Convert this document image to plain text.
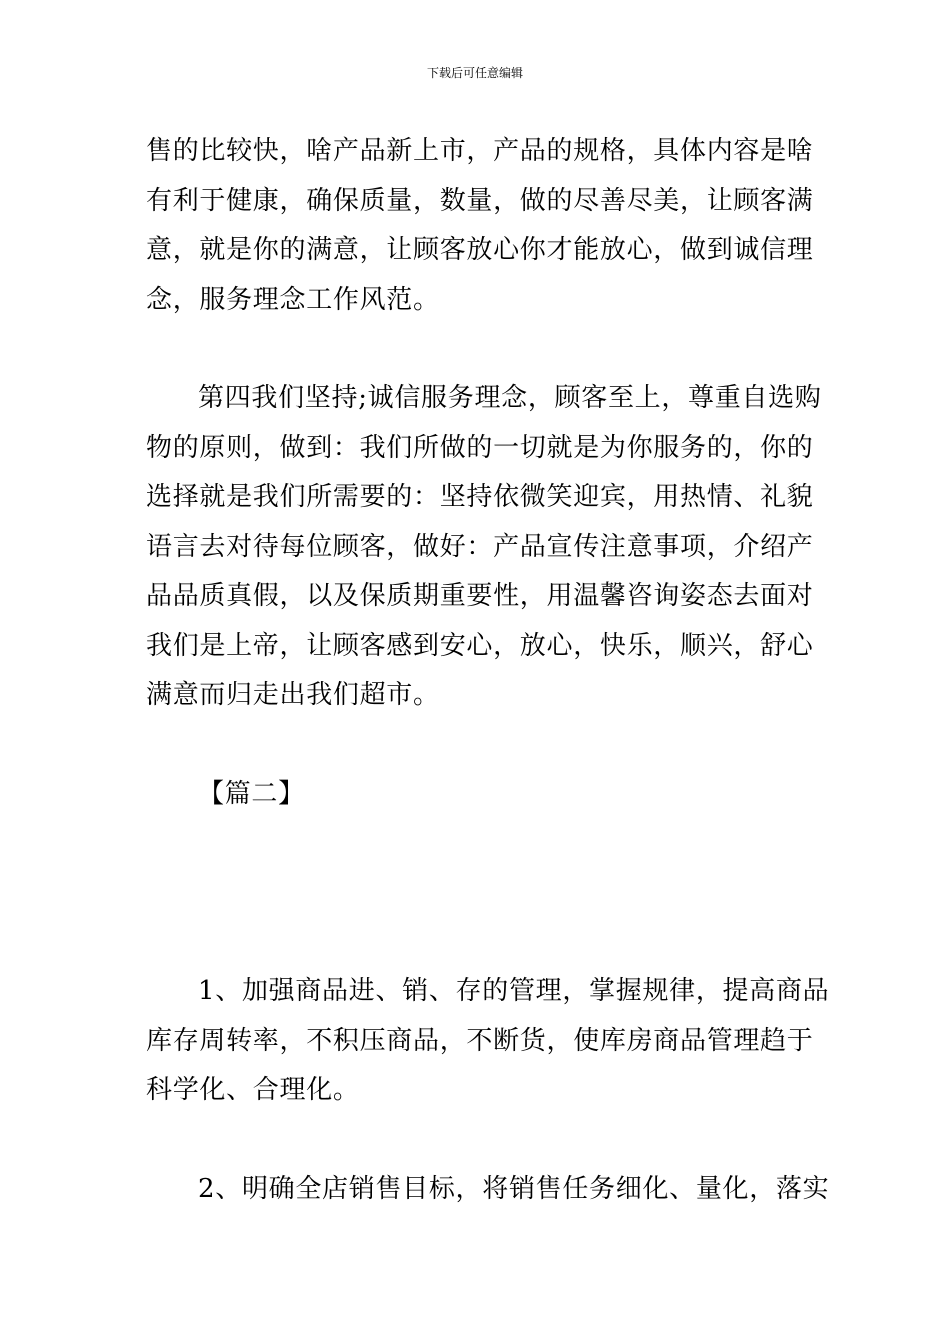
下载后可任意编辑

售的比较快，啥产品新上市，产品的规格，具体内容是啥
有利于健康，确保质量，数量，做的尽善尽美，让顾客满
意，就是你的满意，让顾客放心你才能放心，做到诚信理
念，服务理念工作风范。

第四我们坚持;诚信服务理念，顾客至上，尊重自选购
物的原则，做到：我们所做的一切就是为你服务的，你的
选择就是我们所需要的：坚持依微笑迎宾，用热情、礼貌
语言去对待每位顾客，做好：产品宣传注意事项，介绍产
品品质真假，以及保质期重要性，用温馨咨询姿态去面对
我们是上帝，让顾客感到安心，放心，快乐，顺兴，舒心
满意而归走出我们超市。

【篇二】

1、加强商品进、销、存的管理，掌握规律，提高商品
库存周转率，不积压商品，不断货，使库房商品管理趋于
科学化、合理化。

2、明确全店销售目标，将销售任务细化、量化，落实
